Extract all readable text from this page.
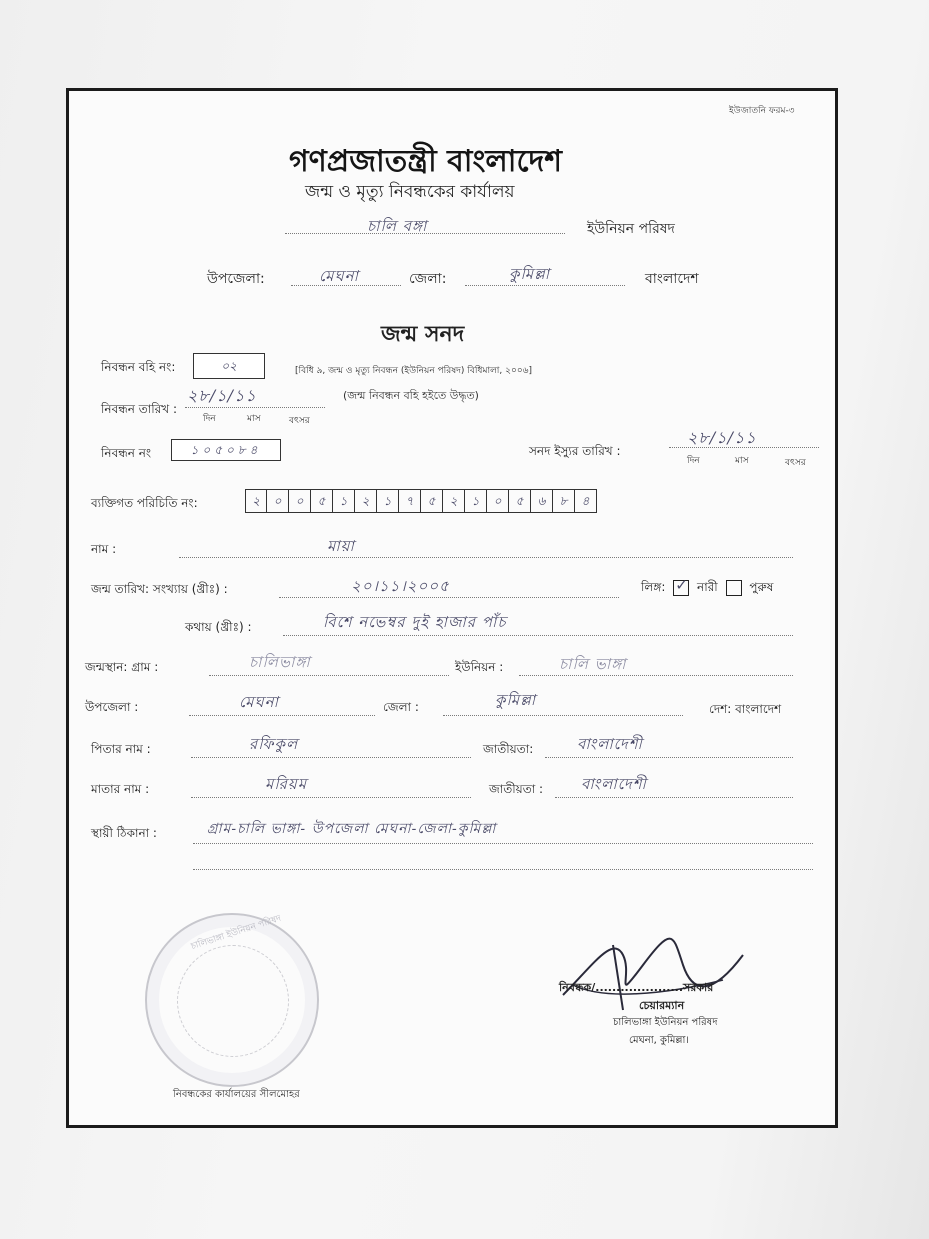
ইউজাতনি ফরম-৩
গণপ্রজাতন্ত্রী বাংলাদেশ
জন্ম ও মৃত্যু নিবন্ধকের কার্যালয়
চালি বঙ্গা	ইউনিয়ন পরিষদ
উপজেলা:	মেঘনা	জেলা:	কুমিল্লা	বাংলাদেশ
জন্ম সনদ
নিবন্ধন বহি নং:	০২	[বিধি ৯, জন্ম ও মৃত্যু নিবন্ধন (ইউনিয়ন পরিষদ) বিধিমালা, ২০০৬]
নিবন্ধন তারিখ :
২৮/১/১১
দিন	মাস	বৎসর
(জন্ম নিবন্ধন বহি হইতে উদ্ধৃত)
নিবন্ধন নং	১০৫০৮৪	সনদ ইস্যুর তারিখ :
২৮/১/১১
দিন	মাস	বৎসর
ব্যক্তিগত পরিচিতি নং:	২	০	০	৫	১	২	১	৭	৫	২	১	০	৫	৬	৮	৪
নাম :	মায়া
জন্ম তারিখ: সংখ্যায় (খ্রীঃ) :	২০।১১।২০০৫	লিঙ্গ: ✓ নারী	পুরুষ
কথায় (খ্রীঃ) :	বিশে নভেম্বর দুই হাজার পাঁচ
জন্মস্থান: গ্রাম :	চালিভাঙ্গা	ইউনিয়ন :	চালি ভাঙ্গা
উপজেলা :	মেঘনা	জেলা :	কুমিল্লা	দেশ: বাংলাদেশ
পিতার নাম :	রফিকুল	জাতীয়তা:	বাংলাদেশী
মাতার নাম :	মরিয়ম	জাতীয়তা :	বাংলাদেশী
স্থায়ী ঠিকানা :	গ্রাম-চালি ভাঙ্গা- উপজেলা মেঘনা-জেলা-কুমিল্লা
চালিভাঙ্গা ইউনিয়ন পরিষদ
নিবন্ধক/.....................সরকার
চেয়ারম্যান
চালিভাঙ্গা ইউনিয়ন পরিষদ
মেঘনা, কুমিল্লা।
নিবন্ধকের কার্যালয়ের সীলমোহর
